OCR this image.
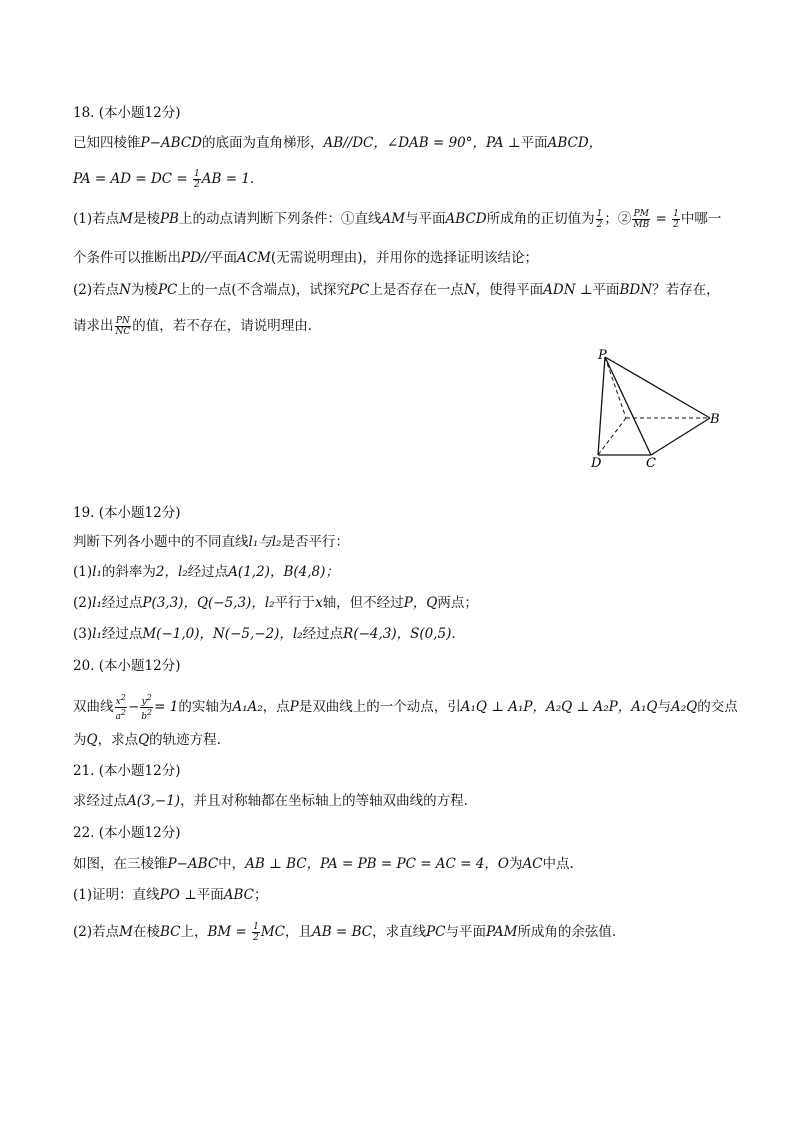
18. (本小题12分)
已知四棱锥P−ABCD的底面为直角梯形，AB//DC，∠DAB = 90°，PA ⊥平面ABCD，
PA = AD = DC = $\frac{1}{2}$ AB = 1.
(1)若点M是棱PB上的动点请判断下列条件：①直线AM与平面ABCD所成角的正切值为 $\frac{1}{2}$ ；② $\frac{PM}{MB} = \frac{1}{2}$ 中哪一
个条件可以推断出PD//平面ACM(无需说明理由)，并用你的选择证明该结论；
(2)若点N为棱PC上的一点(不含端点)，试探究PC上是否存在一点N，使得平面ADN ⊥平面BDN？若存在，
请求出 $\frac{PN}{NC}$ 的值，若不存在，请说明理由.
P
B
D	C
19. (本小题12分)
判断下列各小题中的不同直线l₁与l₂是否平行：
(1)l₁的斜率为2，l₂经过点A(1,2)，B(4,8)；
(2)l₁经过点P(3,3)，Q(−5,3)，l₂平行于x轴，但不经过P，Q两点；
(3)l₁经过点M(−1,0)，N(−5,−2)，l₂经过点R(−4,3)，S(0,5).
20. (本小题12分)
双曲线 $\frac{x2}{a2} - \frac{y2}{b2} = 1$的实轴为A₁A₂，点P是双曲线上的一个动点，引A₁Q ⊥ A₁P，A₂Q ⊥ A₂P，A₁Q与A₂Q的交点
为Q，求点Q的轨迹方程.
21. (本小题12分)
求经过点A(3,−1)，并且对称轴都在坐标轴上的等轴双曲线的方程.
22. (本小题12分)
如图，在三棱锥P−ABC中，AB ⊥ BC，PA = PB = PC = AC = 4，O为AC中点.
(1)证明：直线PO ⊥平面ABC；
(2)若点M在棱BC上，BM = $\frac{1}{2}$ MC，且AB = BC，求直线PC与平面PAM所成角的余弦值.
